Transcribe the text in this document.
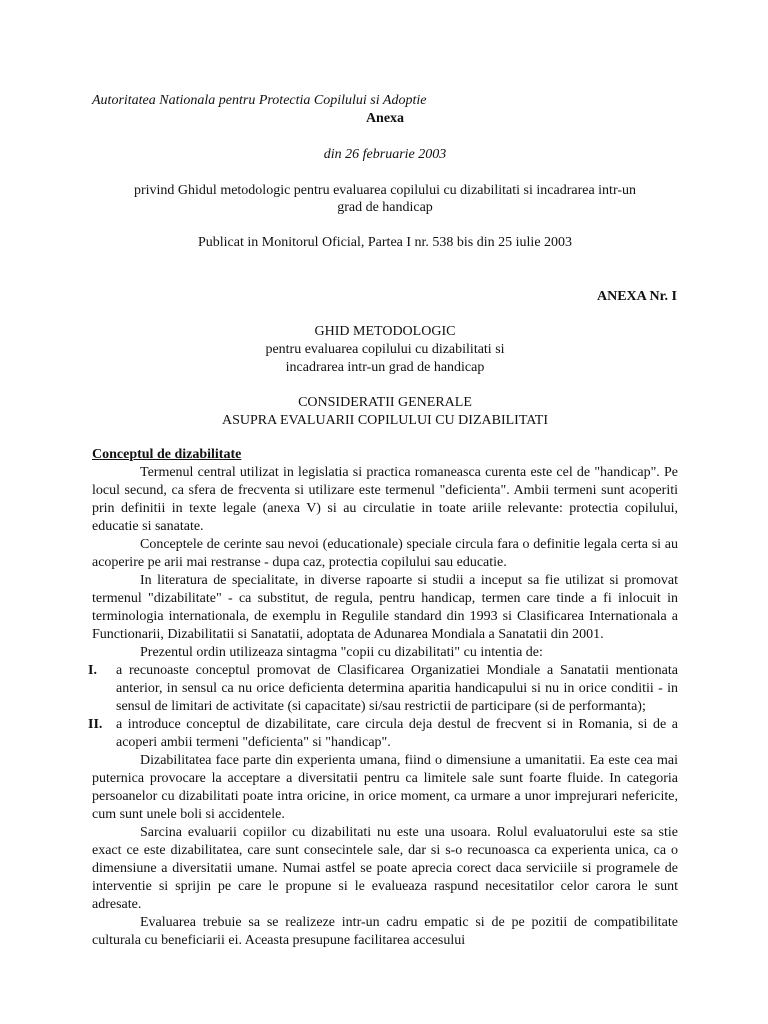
Autoritatea Nationala pentru Protectia Copilului si Adoptie
Anexa
din 26 februarie 2003
privind Ghidul metodologic pentru evaluarea copilului cu dizabilitati si incadrarea intr-un
grad de handicap
Publicat in Monitorul Oficial, Partea I nr. 538 bis din 25 iulie 2003
ANEXA Nr. I
GHID METODOLOGIC
pentru evaluarea copilului cu dizabilitati si
incadrarea intr-un grad de handicap
CONSIDERATII GENERALE
ASUPRA EVALUARII COPILULUI CU DIZABILITATI

Conceptul de dizabilitate

Termenul central utilizat in legislatia si practica romaneasca curenta este cel de "handicap". Pe locul secund, ca sfera de frecventa si utilizare este termenul "deficienta". Ambii termeni sunt acoperiti prin definitii in texte legale (anexa V) si au circulatie in toate ariile relevante: protectia copilului, educatie si sanatate.

Conceptele de cerinte sau nevoi (educationale) speciale circula fara o definitie legala certa si au acoperire pe arii mai restranse - dupa caz, protectia copilului sau educatie.

In literatura de specialitate, in diverse rapoarte si studii a inceput sa fie utilizat si promovat termenul "dizabilitate" - ca substitut, de regula, pentru handicap, termen care tinde a fi inlocuit in terminologia internationala, de exemplu in Regulile standard din 1993 si Clasificarea Internationala a Functionarii, Dizabilitatii si Sanatatii, adoptata de Adunarea Mondiala a Sanatatii din 2001.

Prezentul ordin utilizeaza sintagma "copii cu dizabilitati" cu intentia de:

I. a recunoaste conceptul promovat de Clasificarea Organizatiei Mondiale a Sanatatii mentionata anterior, in sensul ca nu orice deficienta determina aparitia handicapului si nu in orice conditii - in sensul de limitari de activitate (si capacitate) si/sau restrictii de participare (si de performanta);
II. a introduce conceptul de dizabilitate, care circula deja destul de frecvent si in Romania, si de a acoperi ambii termeni "deficienta" si "handicap".

Dizabilitatea face parte din experienta umana, fiind o dimensiune a umanitatii. Ea este cea mai puternica provocare la acceptare a diversitatii pentru ca limitele sale sunt foarte fluide. In categoria persoanelor cu dizabilitati poate intra oricine, in orice moment, ca urmare a unor imprejurari nefericite, cum sunt unele boli si accidentele.

Sarcina evaluarii copiilor cu dizabilitati nu este una usoara. Rolul evaluatorului este sa stie exact ce este dizabilitatea, care sunt consecintele sale, dar si s-o recunoasca ca experienta unica, ca o dimensiune a diversitatii umane. Numai astfel se poate aprecia corect daca serviciile si programele de interventie si sprijin pe care le propune si le evalueaza raspund necesitatilor celor carora le sunt adresate.

Evaluarea trebuie sa se realizeze intr-un cadru empatic si de pe pozitii de compatibilitate culturala cu beneficiarii ei. Aceasta presupune facilitarea accesului
